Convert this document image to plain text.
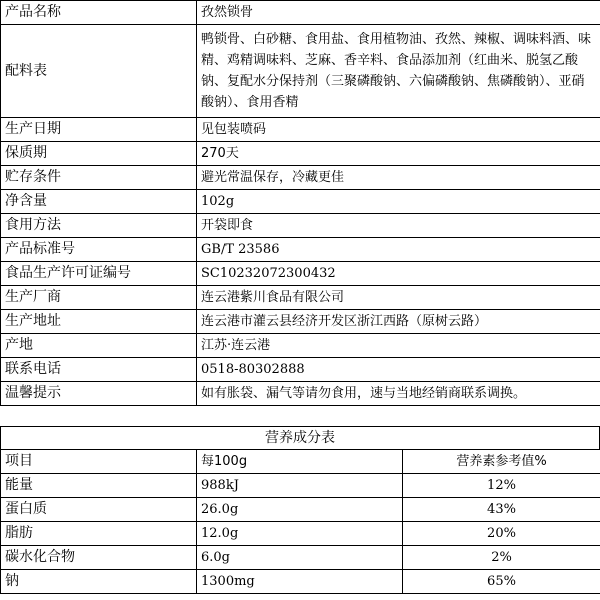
产品名称	孜然锁骨
配料表	鸭锁骨、白砂糖、食用盐、食用植物油、孜然、辣椒、调味料酒、味精、鸡精调味料、芝麻、香辛料、食品添加剂（红曲米、脱氢乙酸钠、复配水分保持剂（三聚磷酸钠、六偏磷酸钠、焦磷酸钠）、亚硝酸钠）、食用香精
生产日期	见包装喷码
保质期	270天
贮存条件	避光常温保存，冷藏更佳
净含量	102g
食用方法	开袋即食
产品标准号	GB/T 23586
食品生产许可证编号	SC10232072300432
生产厂商	连云港紫川食品有限公司
生产地址	连云港市灌云县经济开发区浙江西路（原树云路）
产地	江苏·连云港
联系电话	0518-80302888
温馨提示	如有胀袋、漏气等请勿食用，速与当地经销商联系调换。
营养成分表
项目	每100g	营养素参考值%
能量	988kJ	12%
蛋白质	26.0g	43%
脂肪	12.0g	20%
碳水化合物	6.0g	2%
钠	1300mg	65%
